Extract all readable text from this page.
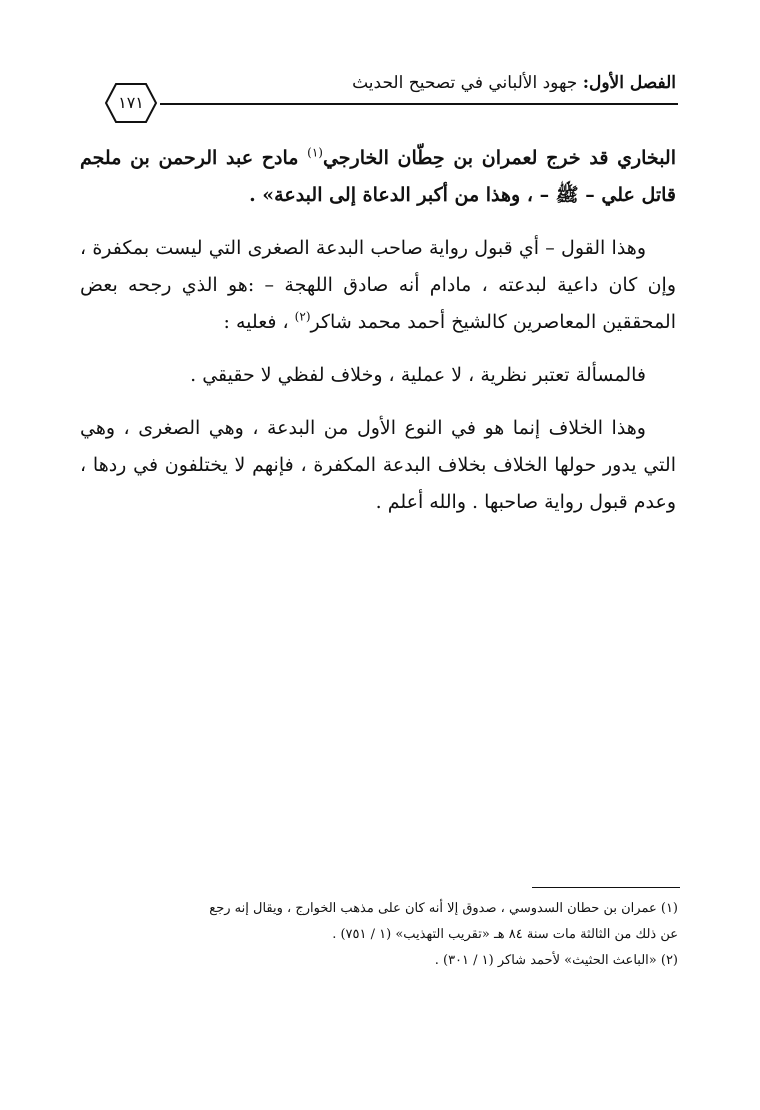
الفصل الأول: جهود الألباني في تصحيح الحديث
١٧١

البخاري قد خرج لعمران بن حِطّان الخارجي$^{(١)}$ مادح عبد الرحمن بن ملجم قاتل علي – ﷺ – ، وهذا من أكبر الدعاة إلى البدعة» .

وهذا القول – أي قبول رواية صاحب البدعة الصغرى التي ليست بمكفرة ، وإن كان داعية لبدعته ، مادام أنه صادق اللهجة – :هو الذي رجحه بعض المحققين المعاصرين كالشيخ أحمد محمد شاكر$^{(٢)}$ ، فعليه :

فالمسألة تعتبر نظرية ، لا عملية ، وخلاف لفظي لا حقيقي .

وهذا الخلاف إنما هو في النوع الأول من البدعة ، وهي الصغرى ، وهي التي يدور حولها الخلاف بخلاف البدعة المكفرة ، فإنهم لا يختلفون في ردها ، وعدم قبول رواية صاحبها . والله أعلم .

(١) عمران بن حطان السدوسي ، صدوق إلا أنه كان على مذهب الخوارج ، ويقال إنه رجع

عن ذلك من الثالثة مات سنة ٨٤ هـ «تقريب التهذيب» (١ / ٧٥١) .

(٢) «الباعث الحثيث» لأحمد شاكر (١ / ٣٠١) .
